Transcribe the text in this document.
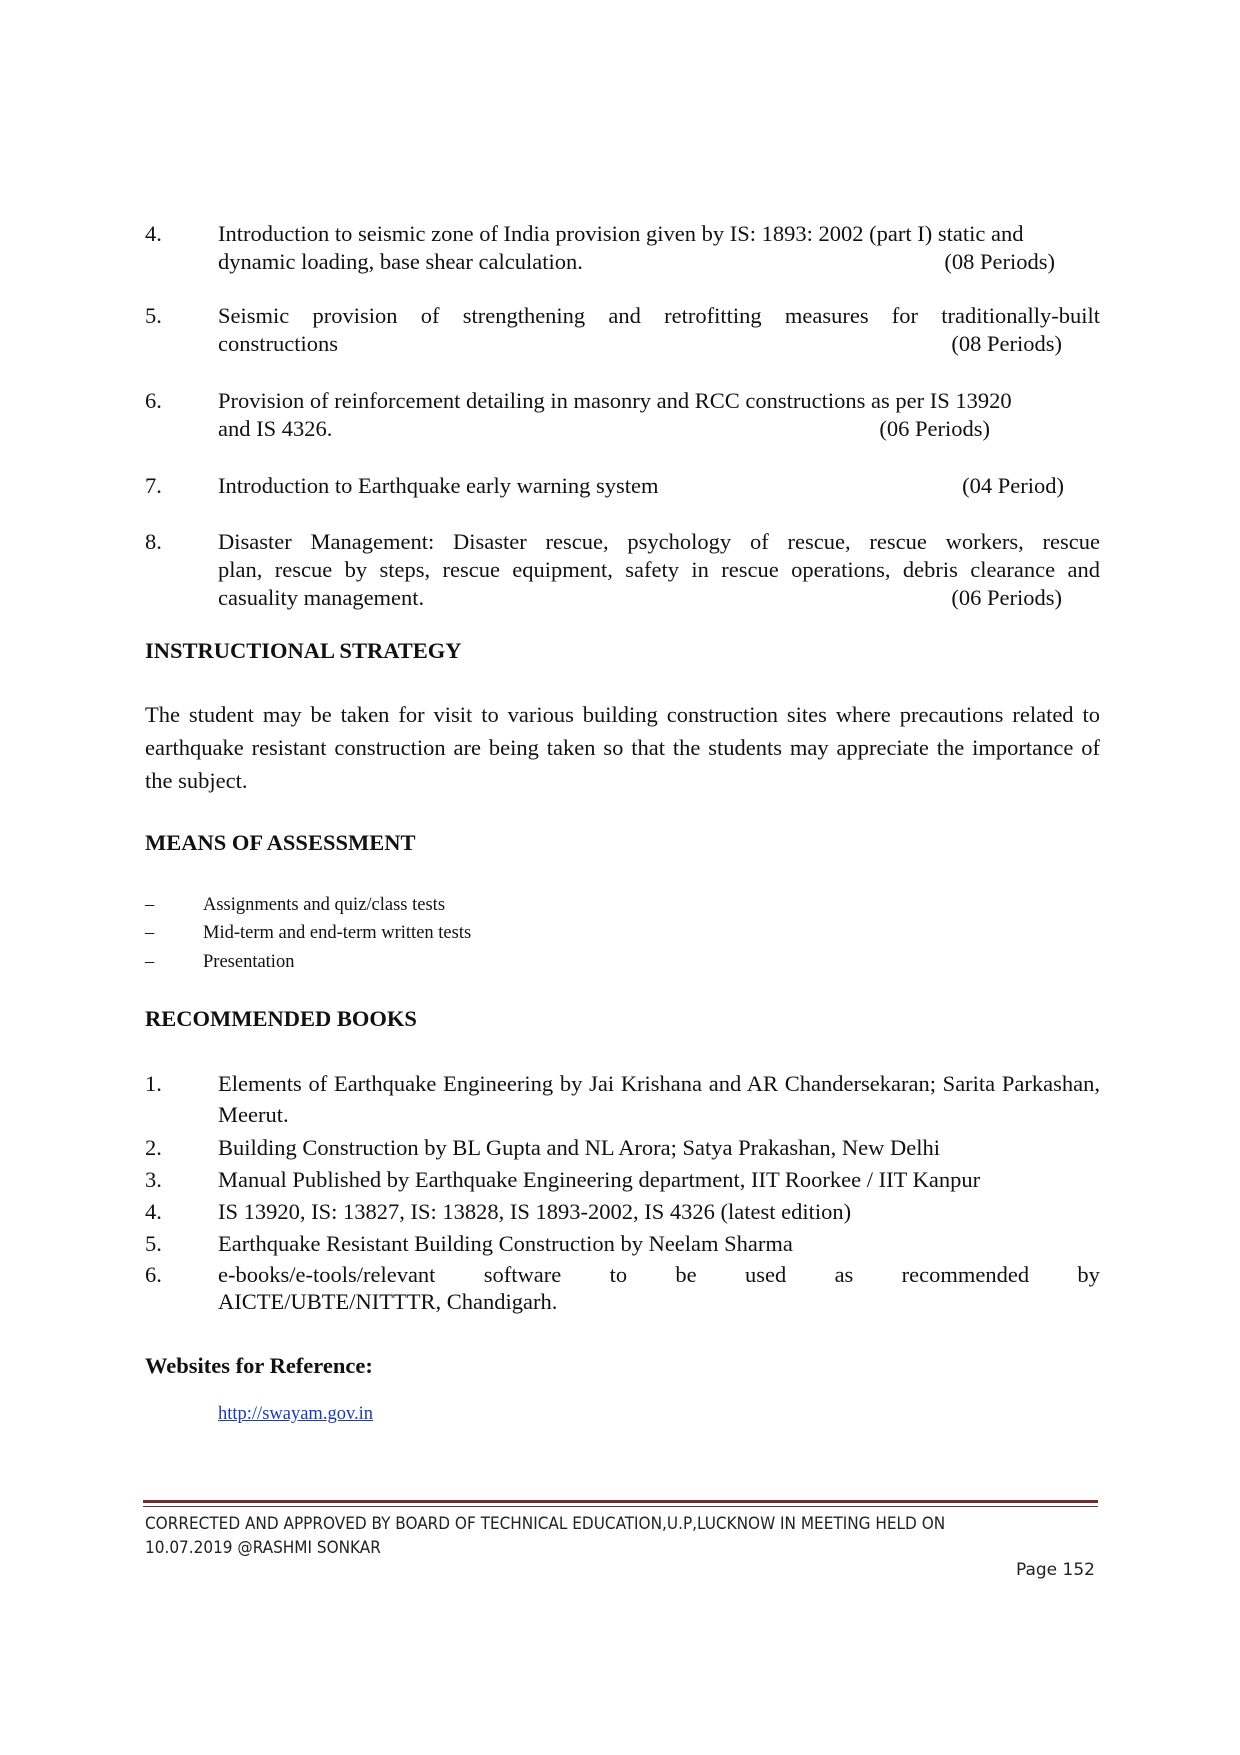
4. Introduction to seismic zone of India provision given by IS: 1893: 2002 (part I) static and
dynamic loading, base shear calculation.	(08 Periods)
5. Seismic provision of strengthening and retrofitting measures for traditionally-built
constructions	(08 Periods)
6. Provision of reinforcement detailing in masonry and RCC constructions as per IS 13920
and IS 4326.	(06 Periods)
7. Introduction to Earthquake early warning system	(04 Period)
8. Disaster Management: Disaster rescue, psychology of rescue, rescue workers, rescue
plan, rescue by steps, rescue equipment, safety in rescue operations, debris clearance and
casuality management.	(06 Periods)
INSTRUCTIONAL STRATEGY
The student may be taken for visit to various building construction sites where precautions related to earthquake resistant construction are being taken so that the students may appreciate the importance of the subject.
MEANS OF ASSESSMENT
–	Assignments and quiz/class tests
–	Mid-term and end-term written tests
–	Presentation
RECOMMENDED BOOKS
1. Elements of Earthquake Engineering by Jai Krishana and AR Chandersekaran; Sarita Parkashan, Meerut.
2. Building Construction by BL Gupta and NL Arora; Satya Prakashan, New Delhi
3. Manual Published by Earthquake Engineering department, IIT Roorkee / IIT Kanpur
4. IS 13920, IS: 13827, IS: 13828, IS 1893-2002, IS 4326 (latest edition)
5. Earthquake Resistant Building Construction by Neelam Sharma
6. e-books/e-tools/relevant software to be used as recommended by
AICTE/UBTE/NITTTR, Chandigarh.
Websites for Reference:
http://swayam.gov.in
CORRECTED AND APPROVED BY BOARD OF TECHNICAL EDUCATION,U.P,LUCKNOW IN MEETING HELD ON
10.07.2019 @RASHMI SONKAR
Page 152
